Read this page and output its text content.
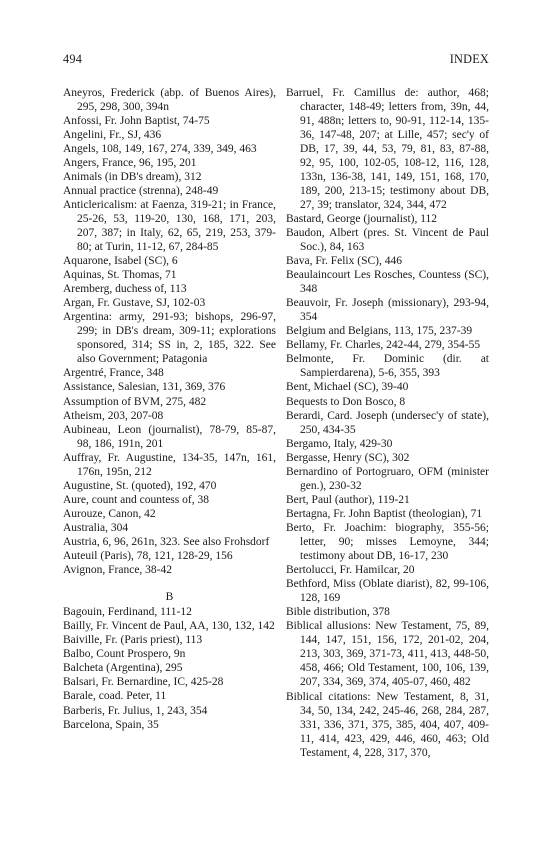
494	INDEX

Aneyros, Frederick (abp. of Buenos Aires), 295, 298, 300, 394n

Anfossi, Fr. John Baptist, 74-75

Angelini, Fr., SJ, 436

Angels, 108, 149, 167, 274, 339, 349, 463

Angers, France, 96, 195, 201

Animals (in DB's dream), 312

Annual practice (strenna), 248-49

Anticlericalism: at Faenza, 319-21; in France, 25-26, 53, 119-20, 130, 168, 171, 203, 207, 387; in Italy, 62, 65, 219, 253, 379-80; at Turin, 11-12, 67, 284-85

Aquarone, Isabel (SC), 6

Aquinas, St. Thomas, 71

Aremberg, duchess of, 113

Argan, Fr. Gustave, SJ, 102-03

Argentina: army, 291-93; bishops, 296-97, 299; in DB's dream, 309-11; explorations sponsored, 314; SS in, 2, 185, 322. See also Government; Patagonia

Argentré, France, 348

Assistance, Salesian, 131, 369, 376

Assumption of BVM, 275, 482

Atheism, 203, 207-08

Aubineau, Leon (journalist), 78-79, 85-87, 98, 186, 191n, 201

Auffray, Fr. Augustine, 134-35, 147n, 161, 176n, 195n, 212

Augustine, St. (quoted), 192, 470

Aure, count and countess of, 38

Aurouze, Canon, 42

Australia, 304

Austria, 6, 96, 261n, 323. See also Frohsdorf

Auteuil (Paris), 78, 121, 128-29, 156

Avignon, France, 38-42

B

Bagouin, Ferdinand, 111-12

Bailly, Fr. Vincent de Paul, AA, 130, 132, 142

Baiville, Fr. (Paris priest), 113

Balbo, Count Prospero, 9n

Balcheta (Argentina), 295

Balsari, Fr. Bernardine, IC, 425-28

Barale, coad. Peter, 11

Barberis, Fr. Julius, 1, 243, 354

Barcelona, Spain, 35

Barruel, Fr. Camillus de: author, 468; character, 148-49; letters from, 39n, 44, 91, 488n; letters to, 90-91, 112-14, 135-36, 147-48, 207; at Lille, 457; sec'y of DB, 17, 39, 44, 53, 79, 81, 83, 87-88, 92, 95, 100, 102-05, 108-12, 116, 128, 133n, 136-38, 141, 149, 151, 168, 170, 189, 200, 213-15; testimony about DB, 27, 39; translator, 324, 344, 472

Bastard, George (journalist), 112

Baudon, Albert (pres. St. Vincent de Paul Soc.), 84, 163

Bava, Fr. Felix (SC), 446

Beaulaincourt Les Rosches, Countess (SC), 348

Beauvoir, Fr. Joseph (missionary), 293-94, 354

Belgium and Belgians, 113, 175, 237-39

Bellamy, Fr. Charles, 242-44, 279, 354-55

Belmonte, Fr. Dominic (dir. at Sampierdarena), 5-6, 355, 393

Bent, Michael (SC), 39-40

Bequests to Don Bosco, 8

Berardi, Card. Joseph (undersec'y of state), 250, 434-35

Bergamo, Italy, 429-30

Bergasse, Henry (SC), 302

Bernardino of Portogruaro, OFM (minister gen.), 230-32

Bert, Paul (author), 119-21

Bertagna, Fr. John Baptist (theologian), 71

Berto, Fr. Joachim: biography, 355-56; letter, 90; misses Lemoyne, 344; testimony about DB, 16-17, 230

Bertolucci, Fr. Hamilcar, 20

Bethford, Miss (Oblate diarist), 82, 99-106, 128, 169

Bible distribution, 378

Biblical allusions: New Testament, 75, 89, 144, 147, 151, 156, 172, 201-02, 204, 213, 303, 369, 371-73, 411, 413, 448-50, 458, 466; Old Testament, 100, 106, 139, 207, 334, 369, 374, 405-07, 460, 482

Biblical citations: New Testament, 8, 31, 34, 50, 134, 242, 245-46, 268, 284, 287, 331, 336, 371, 375, 385, 404, 407, 409-11, 414, 423, 429, 446, 460, 463; Old Testament, 4, 228, 317, 370,
